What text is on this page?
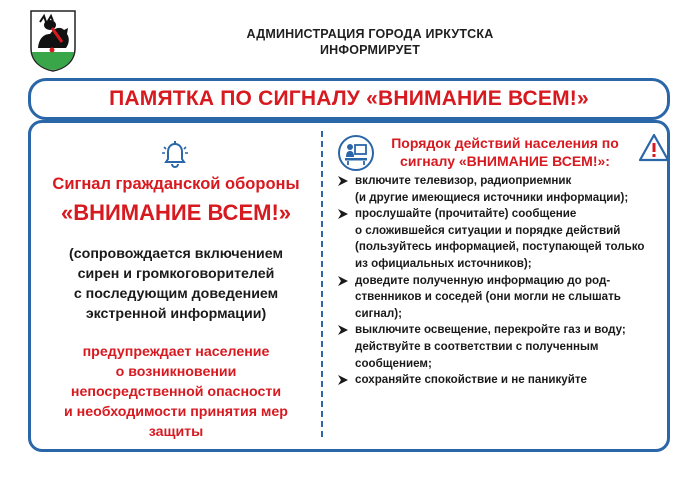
АДМИНИСТРАЦИЯ ГОРОДА ИРКУТСКА
ИНФОРМИРУЕТ
ПАМЯТКА ПО СИГНАЛУ «ВНИМАНИЕ ВСЕМ!»
Сигнал гражданской обороны
«ВНИМАНИЕ ВСЕМ!»
(сопровождается включением
сирен и громкоговорителей
с последующим доведением
экстренной информации)
предупреждает население
о возникновении
непосредственной опасности
и необходимости принятия мер
защиты
Порядок действий населения по
сигналу «ВНИМАНИЕ ВСЕМ!»:
включите телевизор, радиоприемник
(и другие имеющиеся источники информации);
прослушайте (прочитайте) сообщение
о сложившейся ситуации и порядке действий
(пользуйтесь информацией, поступающей только
из официальных источников);
доведите полученную информацию до род-
ственников и соседей (они могли не слышать
сигнал);
выключите освещение, перекройте газ и воду;
действуйте в соответствии с полученным
сообщением;
сохраняйте спокойствие и не паникуйте
